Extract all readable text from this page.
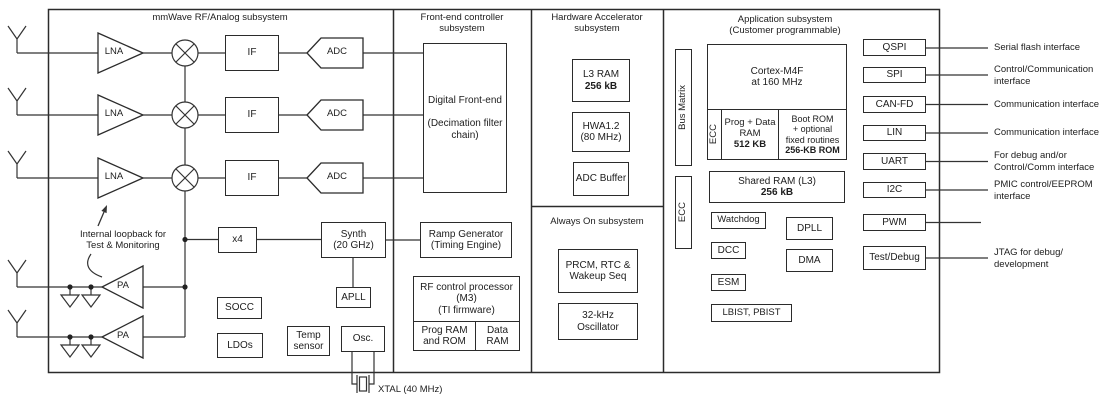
mmWave RF/Analog subsystem	Front-end controller
subsystem
Hardware Accelerator
subsystem
Always On subsystem
Application subsystem
(Customer programmable)
LNA
LNA
LNA
IF
IF
IF
ADC
ADC
ADC
PA
PA
Internal loopback for
Test & Monitoring
x4
Synth
(20 GHz)
APLL
SOCC
LDOs
Temp
sensor
Osc.
XTAL (40 MHz)
Digital Front-end
(Decimation filter
chain)
Ramp Generator
(Timing Engine)
RF control processor
(M3)
(TI firmware)
Prog RAM
and ROM
Data
RAM
L3 RAM
256 kB
HWA1.2
(80 MHz)
ADC Buffer
PRCM, RTC &
Wakeup Seq
32-kHz
Oscillator
Bus Matrix
ECC
Cortex-M4F
at 160 MHz
ECC
Prog + Data
RAM
512 KB
Boot ROM
+ optional
fixed routines
256-KB ROM
Shared RAM (L3)
256 kB
Watchdog
DPLL
DCC
DMA
ESM
LBIST, PBIST
QSPI
SPI
CAN-FD
LIN
UART
I2C
PWM
Test/Debug
Serial flash interface
Control/Communication interface
Communication interface
Communication interface
For debug and/or Control/Comm interface
PMIC control/EEPROM interface
JTAG for debug/ development
